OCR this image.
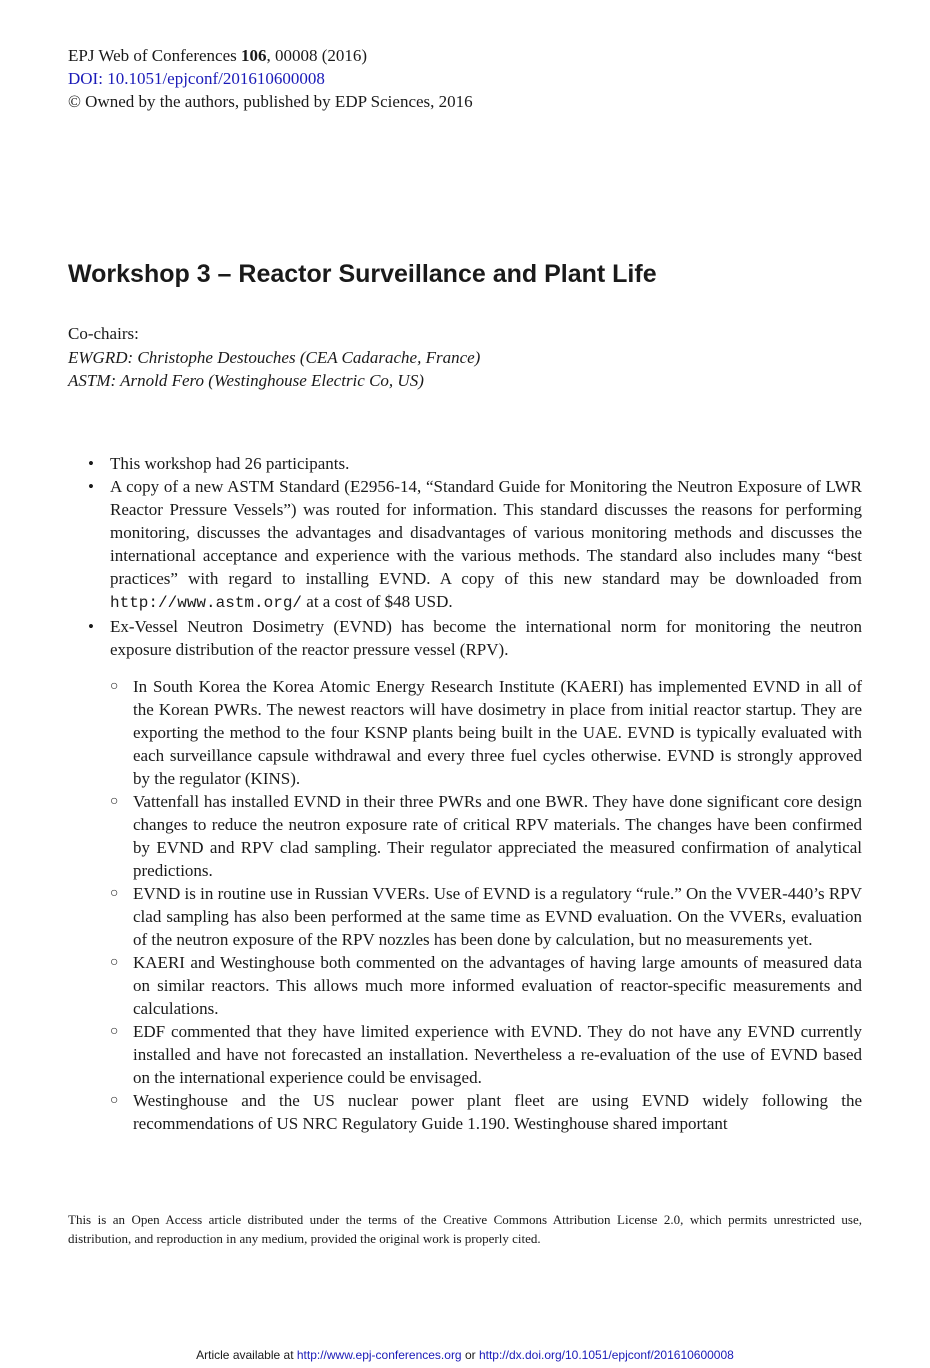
EPJ Web of Conferences 106, 00008 (2016)
DOI: 10.1051/epjconf/201610600008
© Owned by the authors, published by EDP Sciences, 2016
Workshop 3 – Reactor Surveillance and Plant Life
Co-chairs:
EWGRD: Christophe Destouches (CEA Cadarache, France)
ASTM: Arnold Fero (Westinghouse Electric Co, US)
• This workshop had 26 participants.
• A copy of a new ASTM Standard (E2956-14, “Standard Guide for Monitoring the Neutron Exposure of LWR Reactor Pressure Vessels”) was routed for information. This standard discusses the reasons for performing monitoring, discusses the advantages and disadvantages of various monitoring methods and discusses the international acceptance and experience with the various methods. The standard also includes many “best practices” with regard to installing EVND. A copy of this new standard may be downloaded from http://www.astm.org/ at a cost of $48 USD.
• Ex-Vessel Neutron Dosimetry (EVND) has become the international norm for monitoring the neutron exposure distribution of the reactor pressure vessel (RPV).
○ In South Korea the Korea Atomic Energy Research Institute (KAERI) has implemented EVND in all of the Korean PWRs. The newest reactors will have dosimetry in place from initial reactor startup. They are exporting the method to the four KSNP plants being built in the UAE. EVND is typically evaluated with each surveillance capsule withdrawal and every three fuel cycles otherwise. EVND is strongly approved by the regulator (KINS).
○ Vattenfall has installed EVND in their three PWRs and one BWR. They have done significant core design changes to reduce the neutron exposure rate of critical RPV materials. The changes have been confirmed by EVND and RPV clad sampling. Their regulator appreciated the measured confirmation of analytical predictions.
○ EVND is in routine use in Russian VVERs. Use of EVND is a regulatory “rule.” On the VVER-440’s RPV clad sampling has also been performed at the same time as EVND evaluation. On the VVERs, evaluation of the neutron exposure of the RPV nozzles has been done by calculation, but no measurements yet.
○ KAERI and Westinghouse both commented on the advantages of having large amounts of measured data on similar reactors. This allows much more informed evaluation of reactor-specific measurements and calculations.
○ EDF commented that they have limited experience with EVND. They do not have any EVND currently installed and have not forecasted an installation. Nevertheless a re-evaluation of the use of EVND based on the international experience could be envisaged.
○ Westinghouse and the US nuclear power plant fleet are using EVND widely following the recommendations of US NRC Regulatory Guide 1.190. Westinghouse shared important
This is an Open Access article distributed under the terms of the Creative Commons Attribution License 2.0, which permits unrestricted use, distribution, and reproduction in any medium, provided the original work is properly cited.
Article available at http://www.epj-conferences.org or http://dx.doi.org/10.1051/epjconf/201610600008
